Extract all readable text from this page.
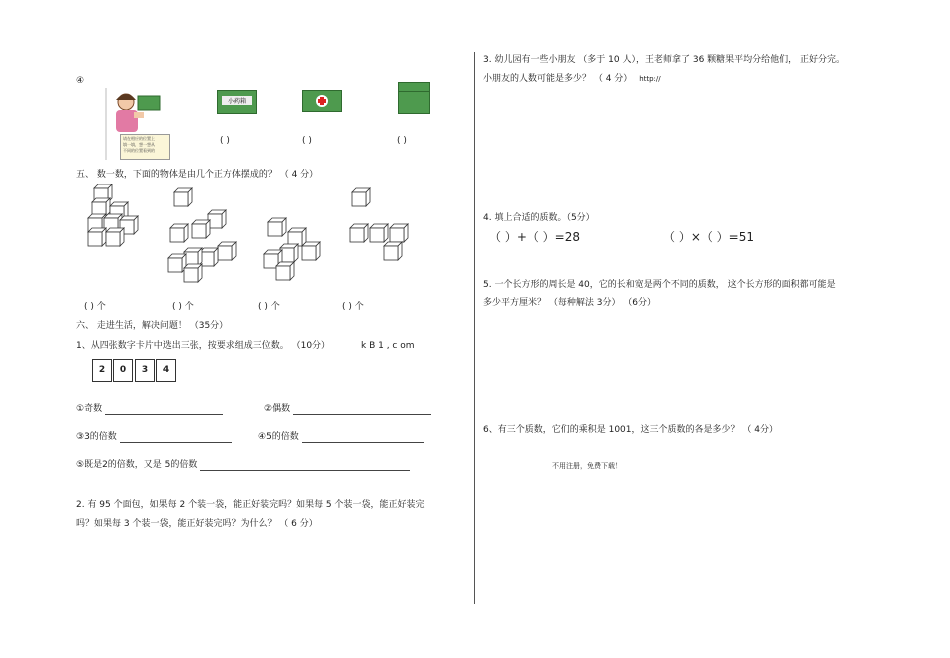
④
请在相应的位置上
填一填，想一想从
不同的位置看到的
小药箱
( )	( )	( )
五、 数一数，下面的物体是由几个正方体摆成的？ （ 4 分）
( ) 个	( ) 个	( ) 个	( ) 个
六、 走进生活，解决问题！ （35分）
1、从四张数字卡片中选出三张，按要求组成三位数。 （10分）	k B 1 , c om
2	0	3	4
①奇数	②偶数
③3的倍数	④5的倍数
⑤既是2的倍数，又是 5的倍数
2. 有 95 个面包，如果每 2 个装一袋，能正好装完吗？如果每 5 个装一袋，能正好装完
吗？如果每 3 个装一袋，能正好装完吗？为什么？ （ 6 分）
3. 幼儿园有一些小朋友 （多于 10 人），王老师拿了 36 颗糖果平均分给他们， 正好分完。
小朋友的人数可能是多少？ （ 4 分） http://
4. 填上合适的质数。（5分）
（ ）+（ ）=28	（ ）×（ ）=51
5. 一个长方形的周长是 40，它的长和宽是两个不同的质数， 这个长方形的面积都可能是
多少平方厘米？ （每种解法 3分） （6分）
6、有三个质数，它们的乘积是 1001，这三个质数的各是多少？ （ 4分）
不用注册，免费下载！
